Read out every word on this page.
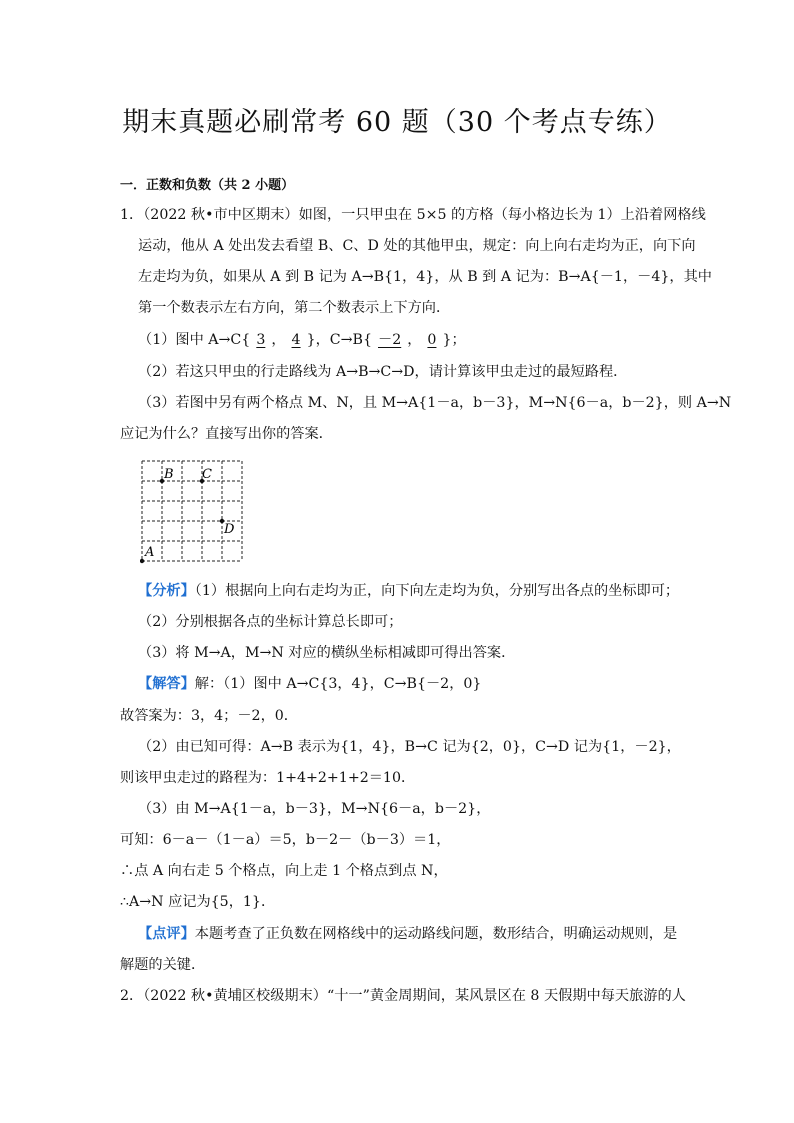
期末真题必刷常考 60 题（30 个考点专练）
一．正数和负数（共 2 小题）
1．（2022 秋•市中区期末）如图，一只甲虫在 5×5 的方格（每小格边长为 1）上沿着网格线
运动，他从 A 处出发去看望 B、C、D 处的其他甲虫，规定：向上向右走均为正，向下向
左走均为负，如果从 A 到 B 记为 A→B{1，4}，从 B 到 A 记为：B→A{－1，－4}，其中
第一个数表示左右方向，第二个数表示上下方向．
（1）图中 A→C{ 3 ， 4 }，C→B{ －2 ， 0 }；
（2）若这只甲虫的行走路线为 A→B→C→D，请计算该甲虫走过的最短路程．
（3）若图中另有两个格点 M、N，且 M→A{1－a，b－3}，M→N{6－a，b－2}，则 A→N
应记为什么？直接写出你的答案．
A
B C
D
【分析】（1）根据向上向右走均为正，向下向左走均为负，分别写出各点的坐标即可；
（2）分别根据各点的坐标计算总长即可；
（3）将 M→A，M→N 对应的横纵坐标相减即可得出答案．
【解答】解：（1）图中 A→C{3，4}，C→B{－2，0}
故答案为：3，4；－2，0．
（2）由已知可得：A→B 表示为{1，4}，B→C 记为{2，0}，C→D 记为{1，－2}，
则该甲虫走过的路程为：1+4+2+1+2＝10．
（3）由 M→A{1－a，b－3}，M→N{6－a，b－2}，
可知：6－a－（1－a）＝5，b－2－（b－3）＝1，
∴点 A 向右走 5 个格点，向上走 1 个格点到点 N，
∴A→N 应记为{5，1}．
【点评】本题考查了正负数在网格线中的运动路线问题，数形结合，明确运动规则，是
解题的关键．
2．（2022 秋•黄埔区校级期末）“十一”黄金周期间，某风景区在 8 天假期中每天旅游的人
